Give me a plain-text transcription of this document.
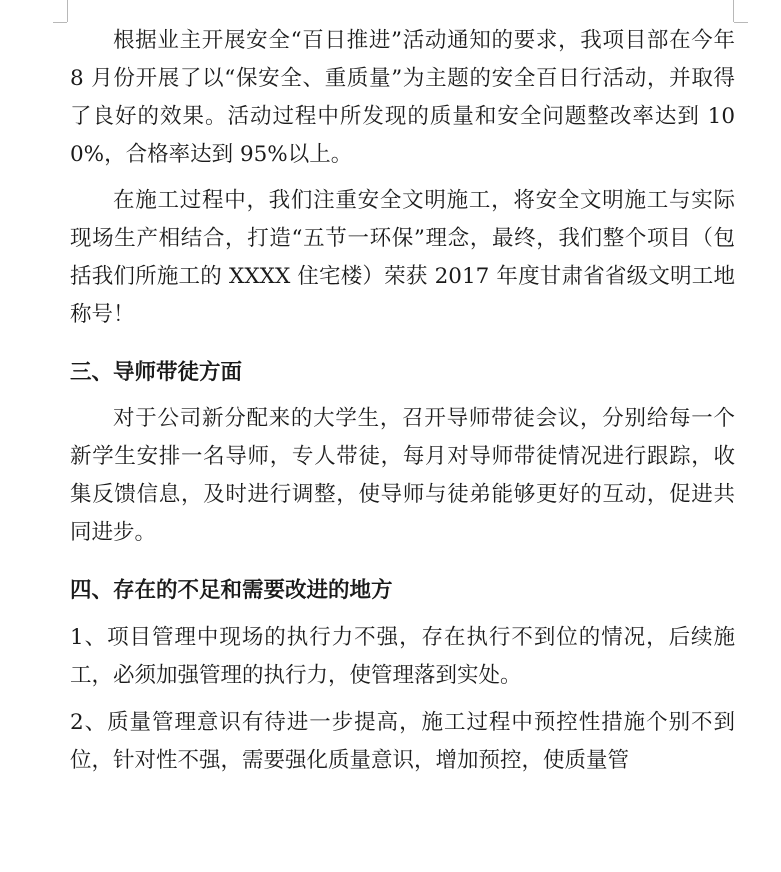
根据业主开展安全“百日推进”活动通知的要求，我项目部在今年 8 月份开展了以“保安全、重质量”为主题的安全百日行活动，并取得了良好的效果。活动过程中所发现的质量和安全问题整改率达到 100%，合格率达到 95%以上。

在施工过程中，我们注重安全文明施工，将安全文明施工与实际现场生产相结合，打造“五节一环保”理念，最终，我们整个项目（包括我们所施工的 XXXX 住宅楼）荣获 2017 年度甘肃省省级文明工地称号！

三、导师带徒方面

对于公司新分配来的大学生，召开导师带徒会议，分别给每一个新学生安排一名导师，专人带徒，每月对导师带徒情况进行跟踪，收集反馈信息，及时进行调整，使导师与徒弟能够更好的互动，促进共同进步。

四、存在的不足和需要改进的地方

1、项目管理中现场的执行力不强，存在执行不到位的情况，后续施工，必须加强管理的执行力，使管理落到实处。

2、质量管理意识有待进一步提高，施工过程中预控性措施个别不到位，针对性不强，需要强化质量意识，增加预控，使质量管
